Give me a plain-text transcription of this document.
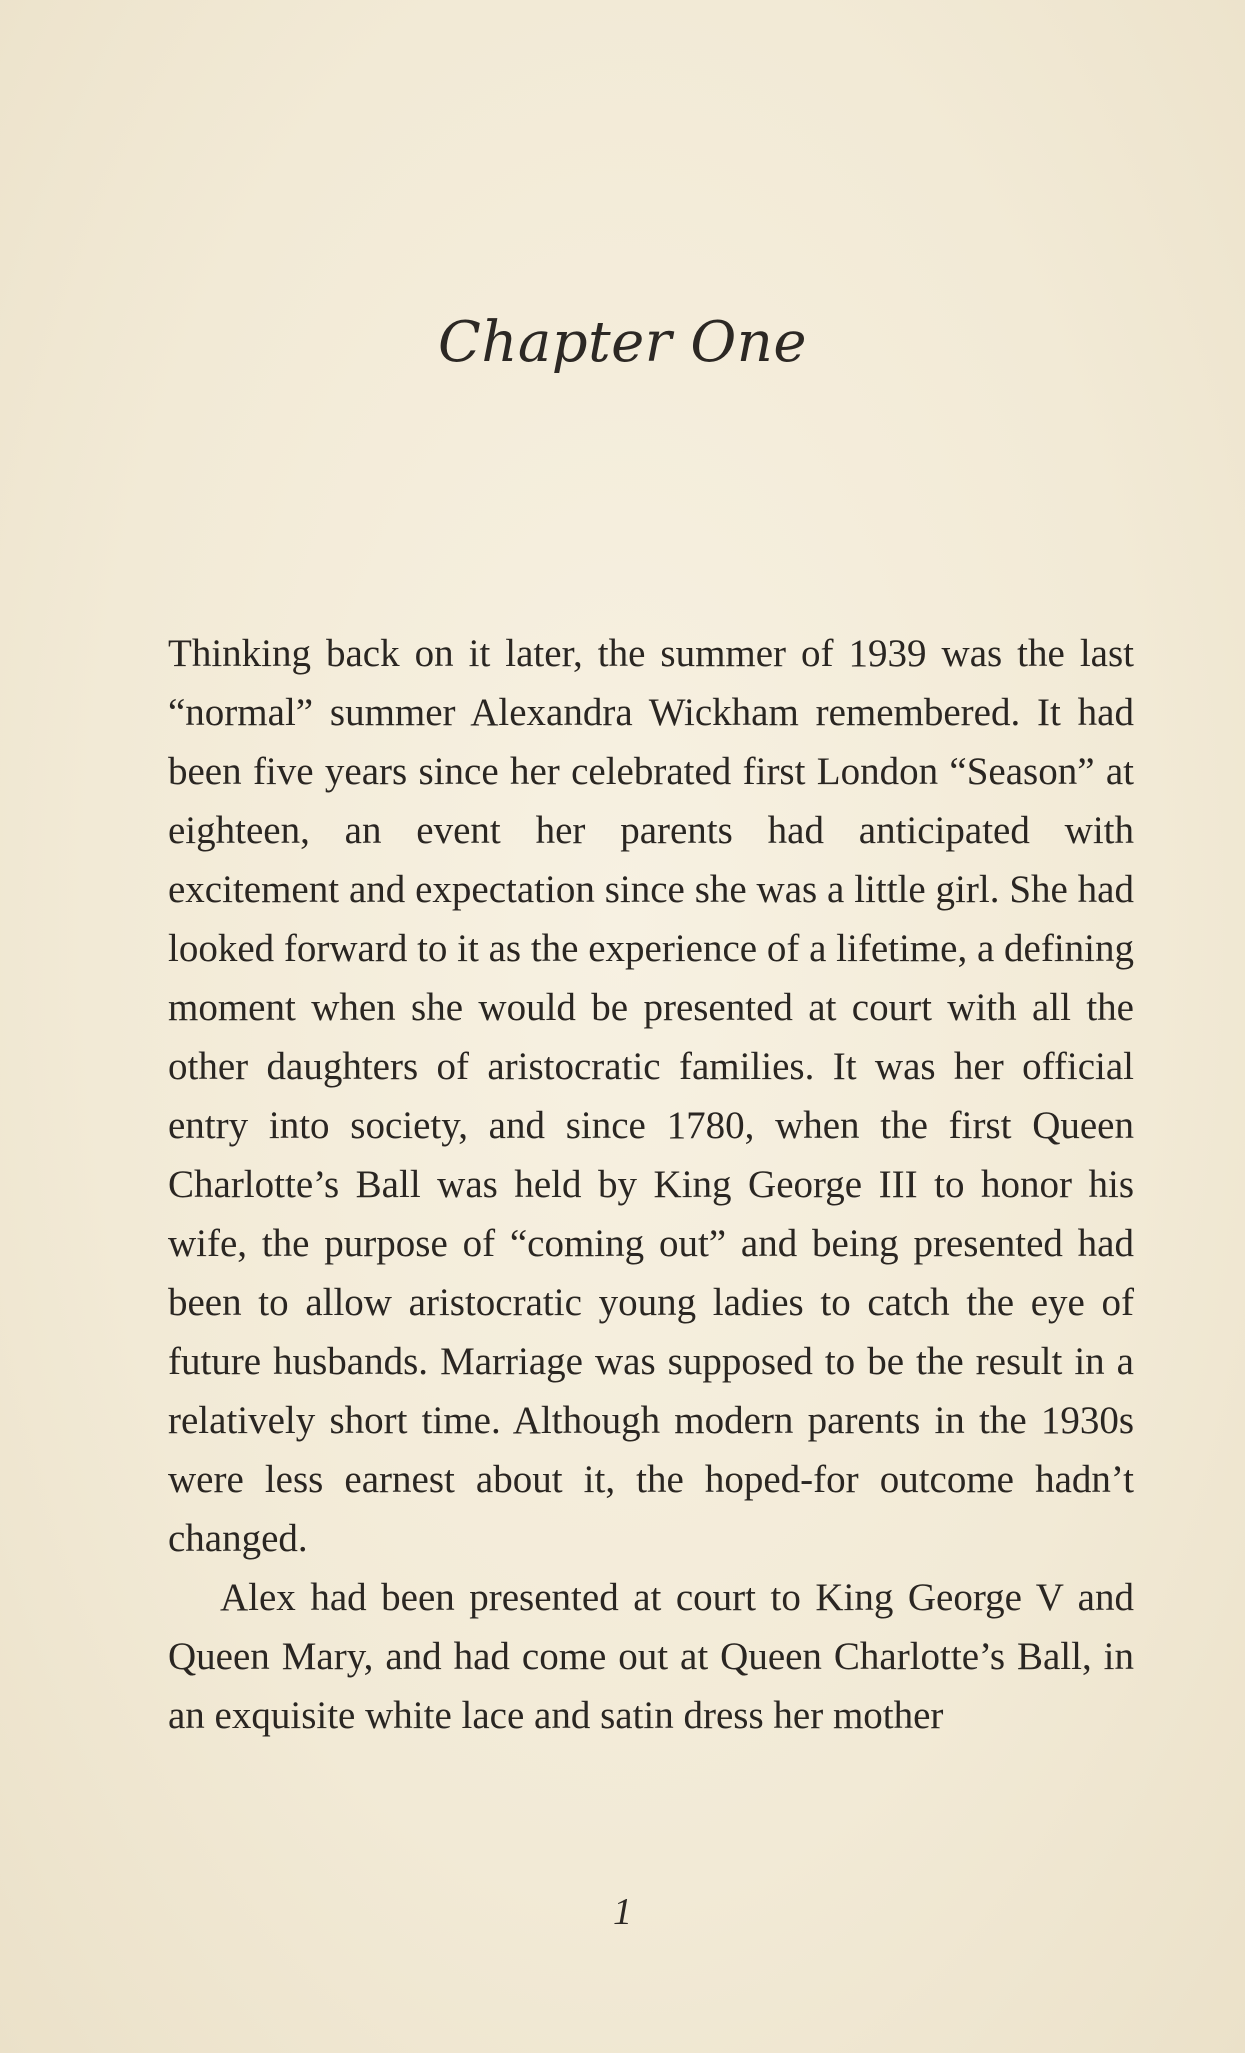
Chapter One

Thinking back on it later, the summer of 1939 was the last “normal” summer Alexandra Wickham remembered. It had been five years since her celebrated first London “Season” at eighteen, an event her parents had anticipated with excitement and expectation since she was a little girl. She had looked forward to it as the experience of a lifetime, a defining moment when she would be presented at court with all the other daughters of aristocratic families. It was her official entry into society, and since 1780, when the first Queen Charlotte’s Ball was held by King George III to honor his wife, the purpose of “coming out” and being presented had been to allow aristocratic young ladies to catch the eye of future husbands. Marriage was supposed to be the result in a relatively short time. Although modern parents in the 1930s were less earnest about it, the hoped-for outcome hadn’t changed.

Alex had been presented at court to King George V and Queen Mary, and had come out at Queen Charlotte’s Ball, in an exquisite white lace and satin dress her mother

1
